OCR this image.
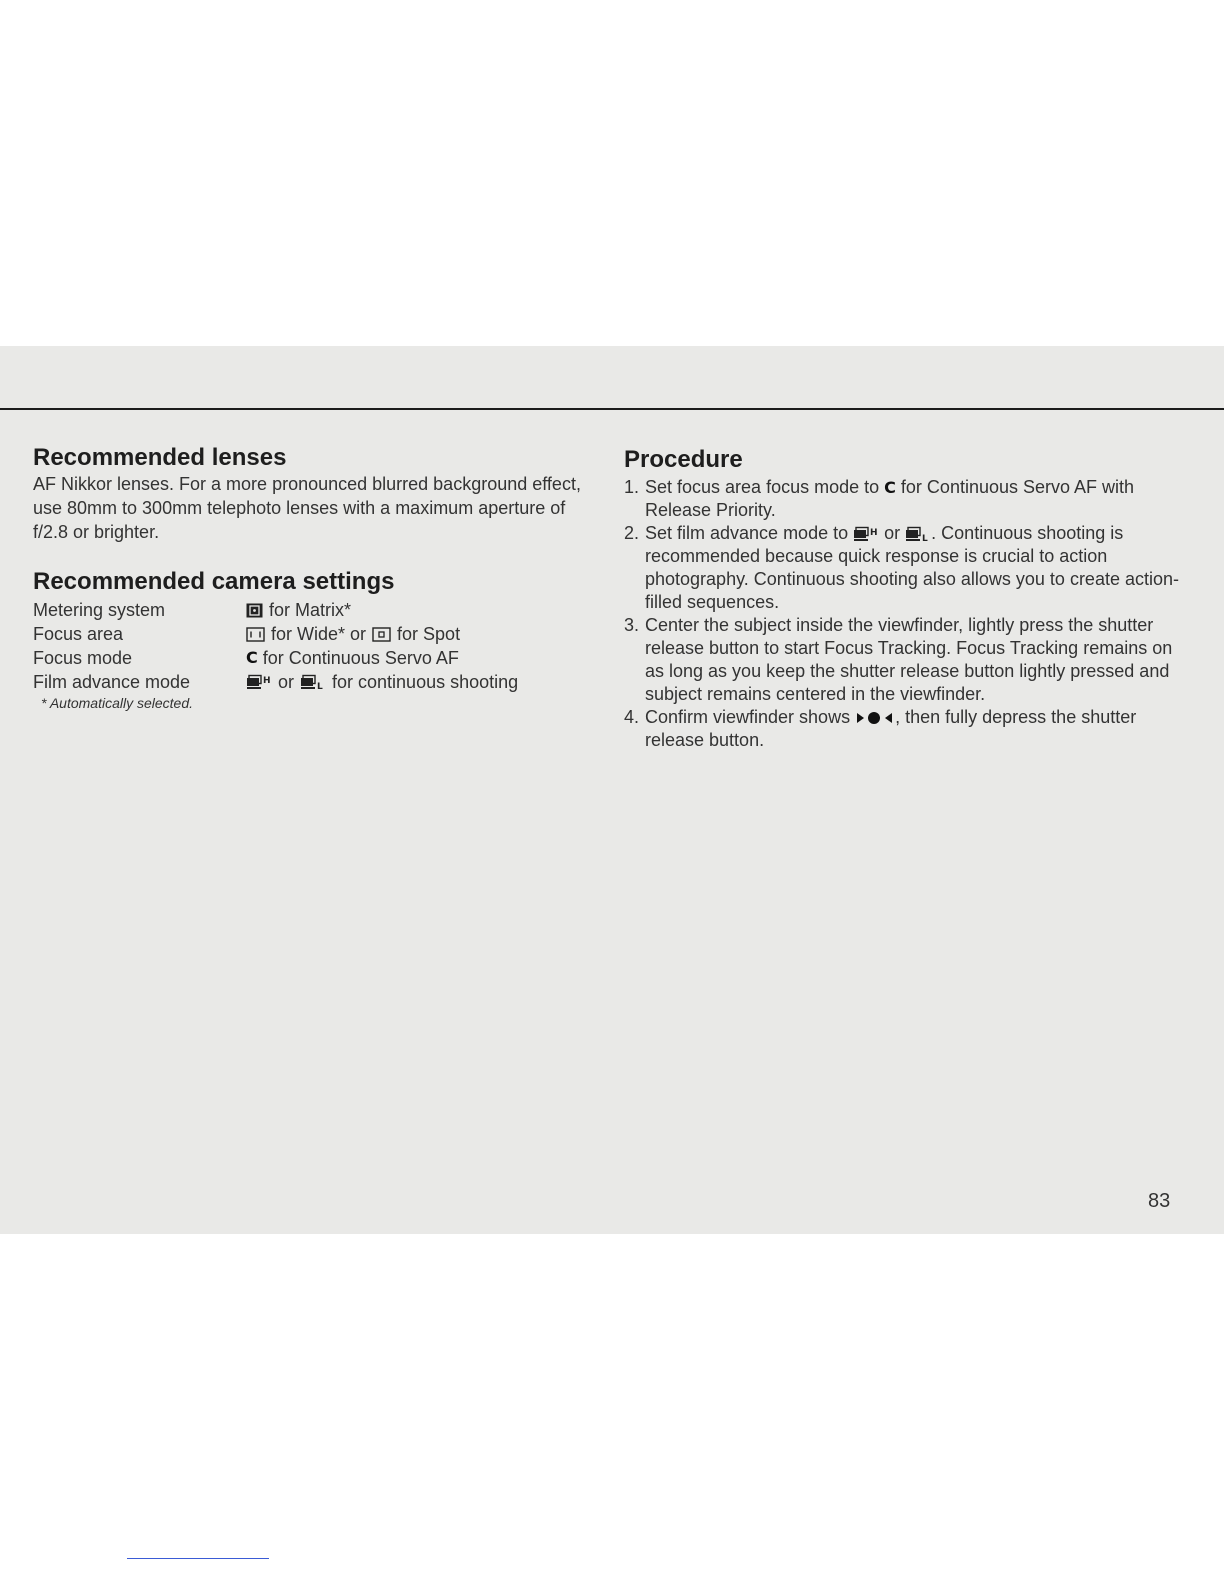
Recommended lenses

AF Nikkor lenses. For a more pronounced blurred background effect, use 80mm to 300mm telephoto lenses with a maximum aperture of f/2.8 or brighter.

Recommended camera settings
Metering system	for Matrix*
Focus area	for Wide* or for Spot
Focus mode	C for Continuous Servo AF
Film advance mode	H or	L for continuous shooting
* Automatically selected.
Procedure
1. Set focus area focus mode to C for Continuous Servo AF with Release Priority.
2. Set film advance mode to H or L . Continuous shooting is recommended because quick response is crucial to action photography. Continuous shooting also allows you to create action-filled sequences.
3. Center the subject inside the viewfinder, lightly press the shutter release button to start Focus Tracking. Focus Tracking remains on as long as you keep the shutter release button lightly pressed and subject remains centered in the viewfinder.
4. Confirm viewfinder shows	, then fully depress the shutter release button.
83
